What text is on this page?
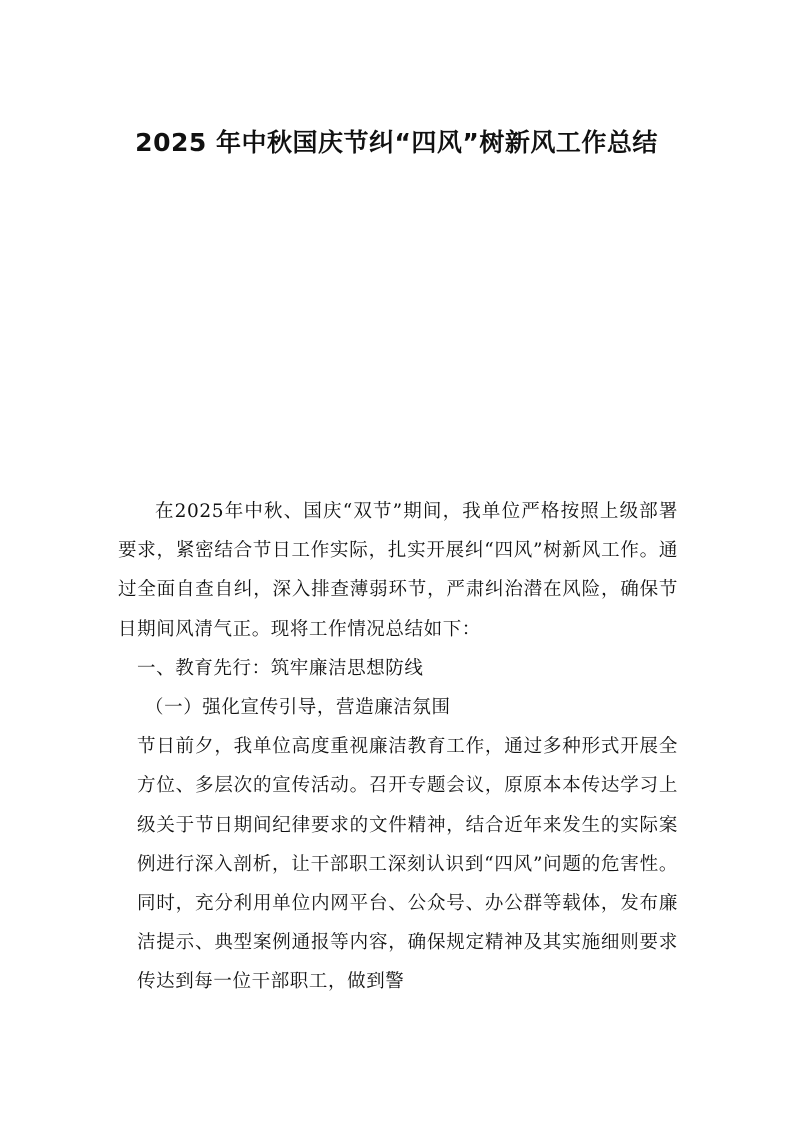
2025 年中秋国庆节纠“四风”树新风工作总结

在2025年中秋、国庆“双节”期间，我单位严格按照上级部署要求，紧密结合节日工作实际，扎实开展纠“四风”树新风工作。通过全面自查自纠，深入排查薄弱环节，严肃纠治潜在风险，确保节日期间风清气正。现将工作情况总结如下：

一、教育先行：筑牢廉洁思想防线

（一）强化宣传引导，营造廉洁氛围

节日前夕，我单位高度重视廉洁教育工作，通过多种形式开展全方位、多层次的宣传活动。召开专题会议，原原本本传达学习上级关于节日期间纪律要求的文件精神，结合近年来发生的实际案例进行深入剖析，让干部职工深刻认识到“四风”问题的危害性。同时，充分利用单位内网平台、公众号、办公群等载体，发布廉洁提示、典型案例通报等内容，确保规定精神及其实施细则要求传达到每一位干部职工，做到警
